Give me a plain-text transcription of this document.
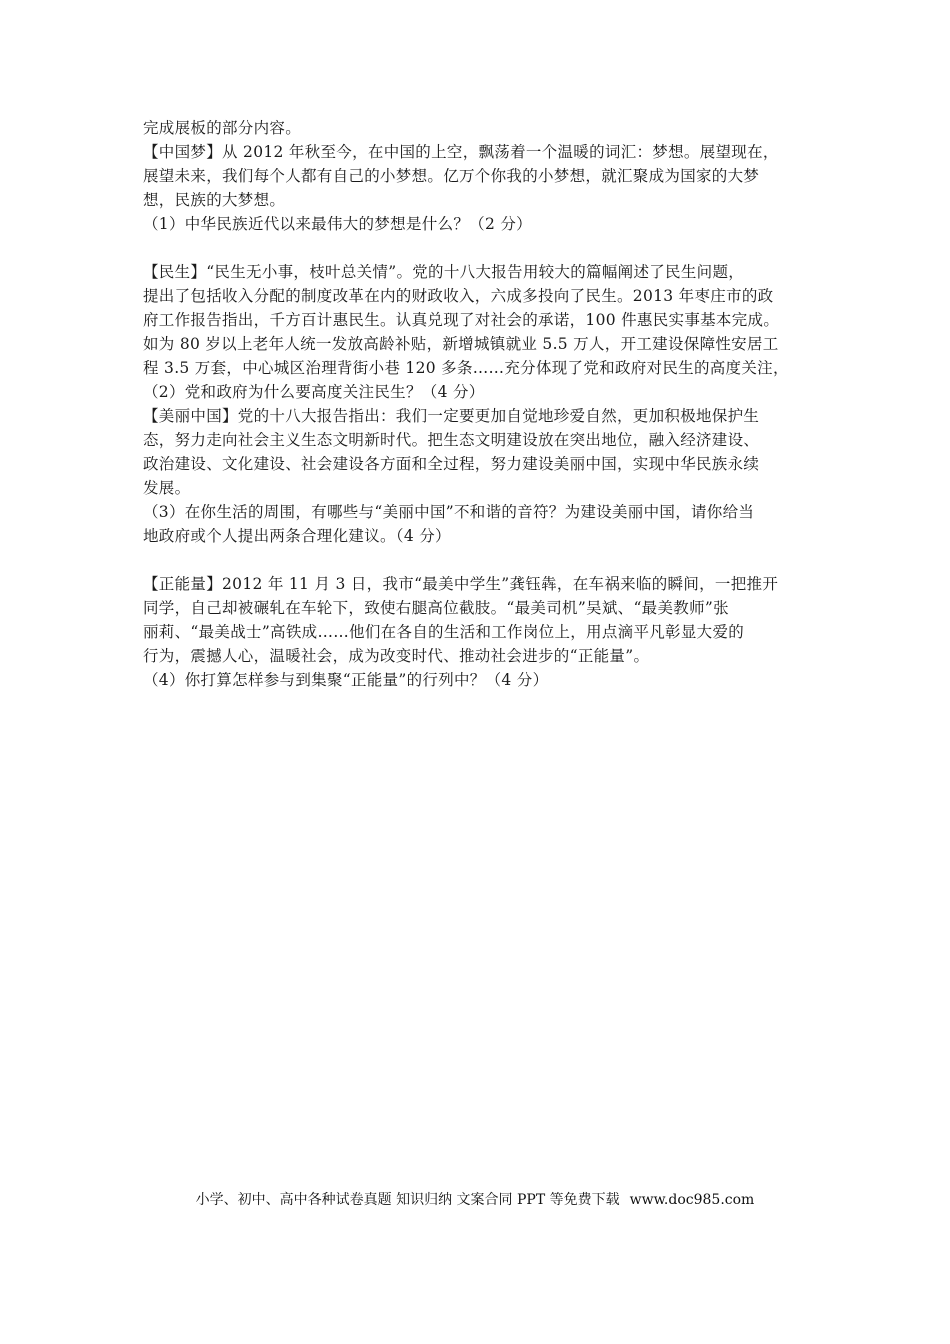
完成展板的部分内容。
【中国梦】从 2012 年秋至今，在中国的上空，飘荡着一个温暖的词汇：梦想。展望现在，
展望未来，我们每个人都有自己的小梦想。亿万个你我的小梦想，就汇聚成为国家的大梦
想，民族的大梦想。
（1）中华民族近代以来最伟大的梦想是什么？（2 分）
【民生】“民生无小事，枝叶总关情”。党的十八大报告用较大的篇幅阐述了民生问题，
提出了包括收入分配的制度改革在内的财政收入，六成多投向了民生。2013 年枣庄市的政
府工作报告指出，千方百计惠民生。认真兑现了对社会的承诺，100 件惠民实事基本完成。
如为 80 岁以上老年人统一发放高龄补贴，新增城镇就业 5.5 万人，开工建设保障性安居工
程 3.5 万套，中心城区治理背街小巷 120 多条……充分体现了党和政府对民生的高度关注，
（2）党和政府为什么要高度关注民生？（4 分）
【美丽中国】党的十八大报告指出：我们一定要更加自觉地珍爱自然，更加积极地保护生
态，努力走向社会主义生态文明新时代。把生态文明建设放在突出地位，融入经济建设、
政治建设、文化建设、社会建设各方面和全过程，努力建设美丽中国，实现中华民族永续
发展。
（3）在你生活的周围，有哪些与“美丽中国”不和谐的音符？为建设美丽中国，请你给当
地政府或个人提出两条合理化建议。（4 分）
【正能量】2012 年 11 月 3 日，我市“最美中学生”龚钰犇，在车祸来临的瞬间，一把推开
同学，自己却被碾轧在车轮下，致使右腿高位截肢。“最美司机”吴斌、“最美教师”张
丽莉、“最美战士”高铁成……他们在各自的生活和工作岗位上，用点滴平凡彰显大爱的
行为，震撼人心，温暖社会，成为改变时代、推动社会进步的“正能量”。
（4）你打算怎样参与到集聚“正能量”的行列中？（4 分）
小学、初中、高中各种试卷真题 知识归纳 文案合同 PPT 等免费下载 www.doc985.com
